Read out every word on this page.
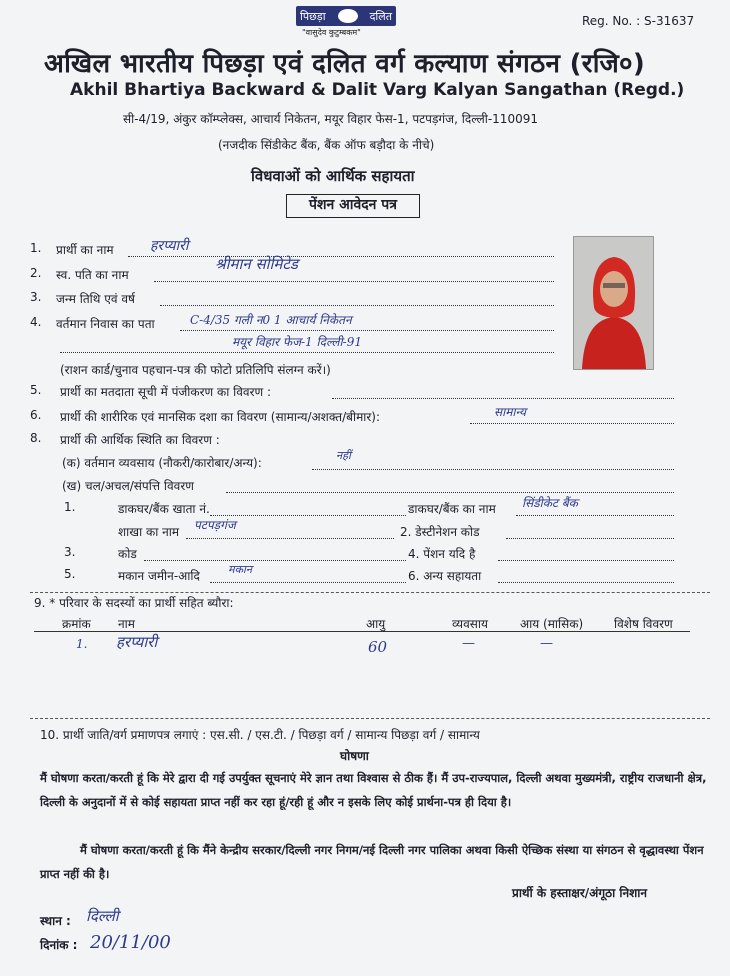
पिछड़ा	दलित
"वासुदेव कुटुम्बकम"
Reg. No. : S-31637
अखिल भारतीय पिछड़ा एवं दलित वर्ग कल्याण संगठन (रजि०)
Akhil Bhartiya Backward & Dalit Varg Kalyan Sangathan (Regd.)
सी-4/19, अंकुर कॉम्प्लेक्स, आचार्य निकेतन, मयूर विहार फेस-1, पटपड़गंज, दिल्ली-110091
(नजदीक सिंडीकेट बैंक, बैंक ऑफ बड़ौदा के नीचे)
विधवाओं को आर्थिक सहायता
पेंशन आवेदन पत्र
1. प्रार्थी का नाम	हरप्यारी
2. स्व. पति का नाम
श्रीमान सोमिटेड
3. जन्म तिथि एवं वर्ष
4. वर्तमान निवास का पता	C-4/35 गली न0 1 आचार्य निकेतन
मयूर विहार फेज-1 दिल्ली-91
(राशन कार्ड/चुनाव पहचान-पत्र की फोटो प्रतिलिपि संलग्न करें।)
5. प्रार्थी का मतदाता सूची में पंजीकरण का विवरण :
6. प्रार्थी की शारीरिक एवं मानसिक दशा का विवरण (सामान्य/अशक्त/बीमार):	सामान्य
8. प्रार्थी की आर्थिक स्थिति का विवरण :
(क) वर्तमान व्यवसाय (नौकरी/कारोबार/अन्य):
नहीं
(ख) चल/अचल/संपत्ति विवरण
1.	डाकघर/बैंक खाता नं.	डाकघर/बैंक का नाम सिंडीकेट बैंक
शाखा का नाम पटपड़गंज	2. डेस्टीनेशन कोड
3.	कोड	4. पेंशन यदि है
5.	मकान जमीन-आदि	मकान	6. अन्य सहायता
9. * परिवार के सदस्यों का प्रार्थी सहित ब्यौरा:
क्रमांक नाम	आयु	व्यवसाय	आय (मासिक)	विशेष विवरण
1. हरप्यारी	60	—	—
10. प्रार्थी जाति/वर्ग प्रमाणपत्र लगाएं : एस.सी. / एस.टी. / पिछड़ा वर्ग / सामान्य पिछड़ा वर्ग / सामान्य
घोषणा
मैं घोषणा करता/करती हूं कि मेरे द्वारा दी गई उपर्युक्त सूचनाएं मेरे ज्ञान तथा विश्वास से ठीक हैं। मैं उप-राज्यपाल, दिल्ली अथवा मुख्यमंत्री, राष्ट्रीय राजधानी क्षेत्र, दिल्ली के अनुदानों में से कोई सहायता प्राप्त नहीं कर रहा हूं/रही हूं और न इसके लिए कोई प्रार्थना-पत्र ही दिया है।
मैं घोषणा करता/करती हूं कि मैंने केन्द्रीय सरकार/दिल्ली नगर निगम/नई दिल्ली नगर पालिका अथवा किसी ऐच्छिक संस्था या संगठन से वृद्धावस्था पेंशन प्राप्त नहीं की है।
प्रार्थी के हस्ताक्षर/अंगूठा निशान
स्थान : दिल्ली
दिनांक : 20/11/00
